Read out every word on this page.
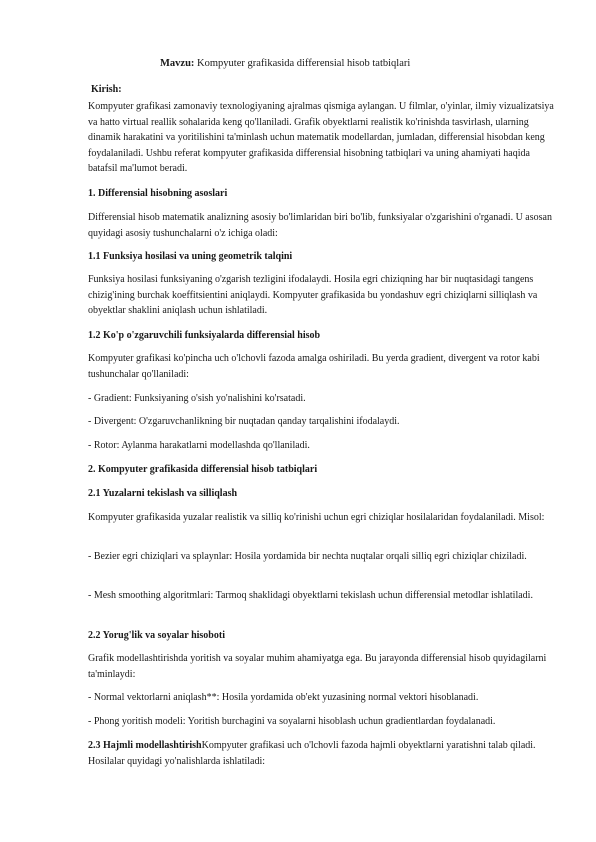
Mavzu: Kompyuter grafikasida differensial hisob tatbiqlari

Kirish:

Kompyuter grafikasi zamonaviy texnologiyaning ajralmas qismiga aylangan. U filmlar, o'yinlar, ilmiy vizualizatsiya va hatto virtual reallik sohalarida keng qo'llaniladi. Grafik obyektlarni realistik ko'rinishda tasvirlash, ularning dinamik harakatini va yoritilishini ta'minlash uchun matematik modellardan, jumladan, differensial hisobdan keng foydalaniladi. Ushbu referat kompyuter grafikasida differensial hisobning tatbiqlari va uning ahamiyati haqida batafsil ma'lumot beradi.

1. Differensial hisobning asoslari

Differensial hisob matematik analizning asosiy bo'limlaridan biri bo'lib, funksiyalar o'zgarishini o'rganadi. U asosan quyidagi asosiy tushunchalarni o'z ichiga oladi:

1.1 Funksiya hosilasi va uning geometrik talqini

Funksiya hosilasi funksiyaning o'zgarish tezligini ifodalaydi. Hosila egri chiziqning har bir nuqtasidagi tangens chizig'ining burchak koeffitsientini aniqlaydi. Kompyuter grafikasida bu yondashuv egri chiziqlarni silliqlash va obyektlar shaklini aniqlash uchun ishlatiladi.

1.2 Ko'p o'zgaruvchili funksiyalarda differensial hisob

Kompyuter grafikasi ko'pincha uch o'lchovli fazoda amalga oshiriladi. Bu yerda gradient, divergent va rotor kabi tushunchalar qo'llaniladi:

- Gradient: Funksiyaning o'sish yo'nalishini ko'rsatadi.

- Divergent: O'zgaruvchanlikning bir nuqtadan qanday tarqalishini ifodalaydi.

- Rotor: Aylanma harakatlarni modellashda qo'llaniladi.

2. Kompyuter grafikasida differensial hisob tatbiqlari

2.1 Yuzalarni tekislash va silliqlash

Kompyuter grafikasida yuzalar realistik va silliq ko'rinishi uchun egri chiziqlar hosilalaridan foydalaniladi. Misol:

- Bezier egri chiziqlari va splaynlar: Hosila yordamida bir nechta nuqtalar orqali silliq egri chiziqlar chiziladi.

- Mesh smoothing algoritmlari: Tarmoq shaklidagi obyektlarni tekislash uchun differensial metodlar ishlatiladi.

2.2 Yorug'lik va soyalar hisoboti

Grafik modellashtirishda yoritish va soyalar muhim ahamiyatga ega. Bu jarayonda differensial hisob quyidagilarni ta'minlaydi:

- Normal vektorlarni aniqlash**: Hosila yordamida ob'ekt yuzasining normal vektori hisoblanadi.

- Phong yoritish modeli: Yoritish burchagini va soyalarni hisoblash uchun gradientlardan foydalanadi.

2.3 Hajmli modellashtirishKompyuter grafikasi uch o'lchovli fazoda hajmli obyektlarni yaratishni talab qiladi. Hosilalar quyidagi yo'nalishlarda ishlatiladi:
